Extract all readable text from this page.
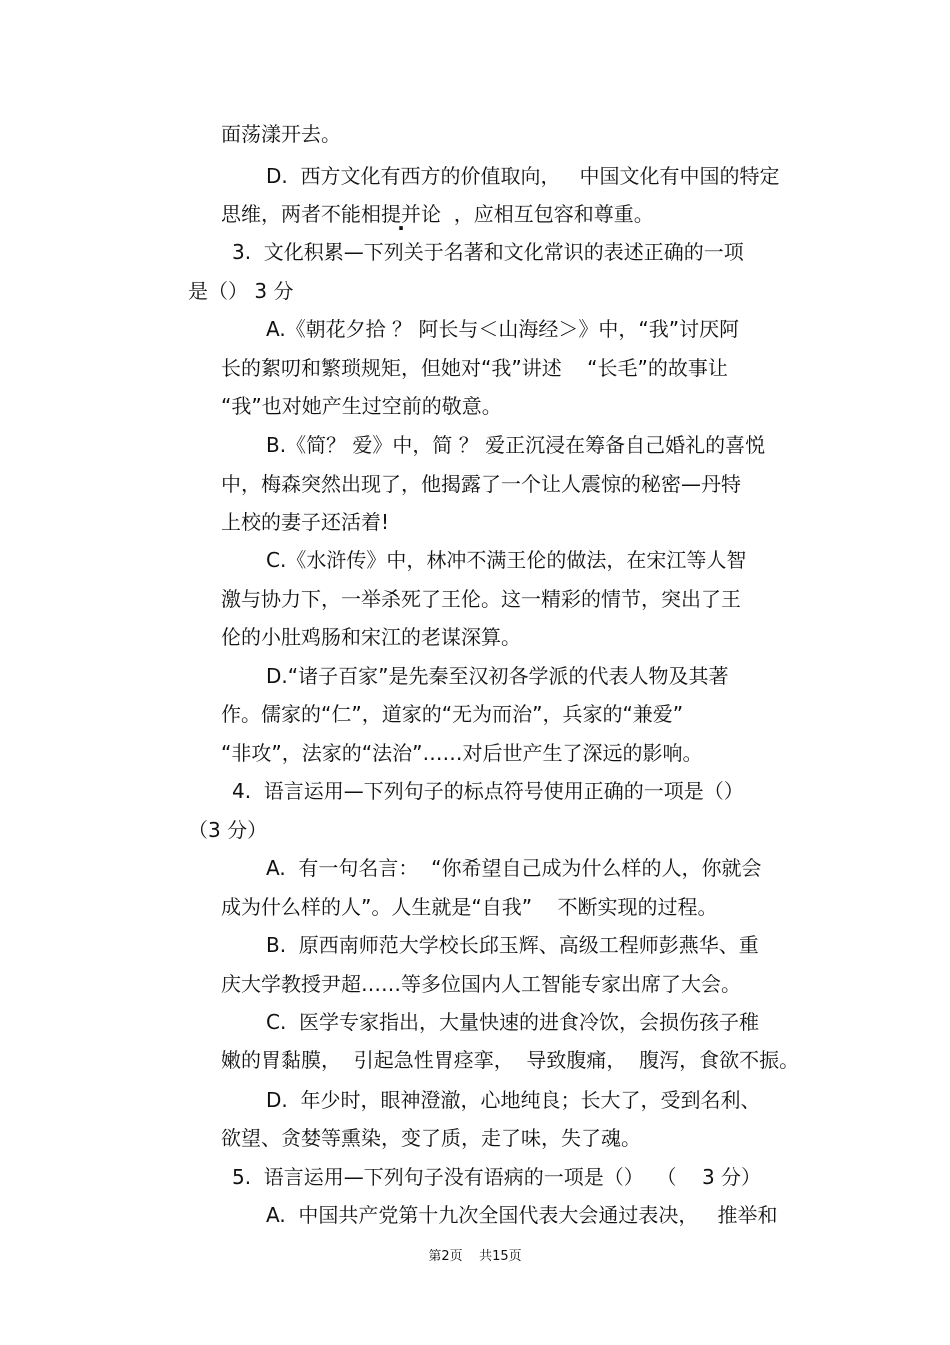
面荡漾开去。
D.  西方文化有西方的价值取向，   中国文化有中国的特定
思维，两者不能相提并论  ，应相互包容和尊重。
3.  文化积累—下列关于名著和文化常识的表述正确的一项
是（） 3 分
A.《朝花夕拾 ？ 阿长与＜山海经＞》中，“我”讨厌阿
长的絮叨和繁琐规矩，但她对“我”讲述    “长毛”的故事让
“我”也对她产生过空前的敬意。
B.《简？ 爱》中，简 ？ 爱正沉浸在筹备自己婚礼的喜悦
中，梅森突然出现了，他揭露了一个让人震惊的秘密—丹特
上校的妻子还活着!
C.《水浒传》中，林冲不满王伦的做法，在宋江等人智
激与协力下，一举杀死了王伦。这一精彩的情节，突出了王
伦的小肚鸡肠和宋江的老谋深算。
D.“诸子百家”是先秦至汉初各学派的代表人物及其著
作。儒家的“仁”，道家的“无为而治”，兵家的“兼爱”
“非攻”，法家的“法治”……对后世产生了深远的影响。
4.  语言运用—下列句子的标点符号使用正确的一项是（）
（3 分）
A.  有一句名言：  “你希望自己成为什么样的人，你就会
成为什么样的人”。人生就是“自我”    不断实现的过程。
B.  原西南师范大学校长邱玉辉、高级工程师彭燕华、重
庆大学教授尹超……等多位国内人工智能专家出席了大会。
C.  医学专家指出，大量快速的进食冷饮，会损伤孩子稚
嫩的胃黏膜，  引起急性胃痉挛，  导致腹痛，  腹泻，食欲不振。
D.  年少时，眼神澄澈，心地纯良；长大了，受到名利、
欲望、贪婪等熏染，变了质，走了味，失了魂。
5.  语言运用—下列句子没有语病的一项是（）  （    3 分）
A.  中国共产党第十九次全国代表大会通过表决，   推举和
第2页    共15页
